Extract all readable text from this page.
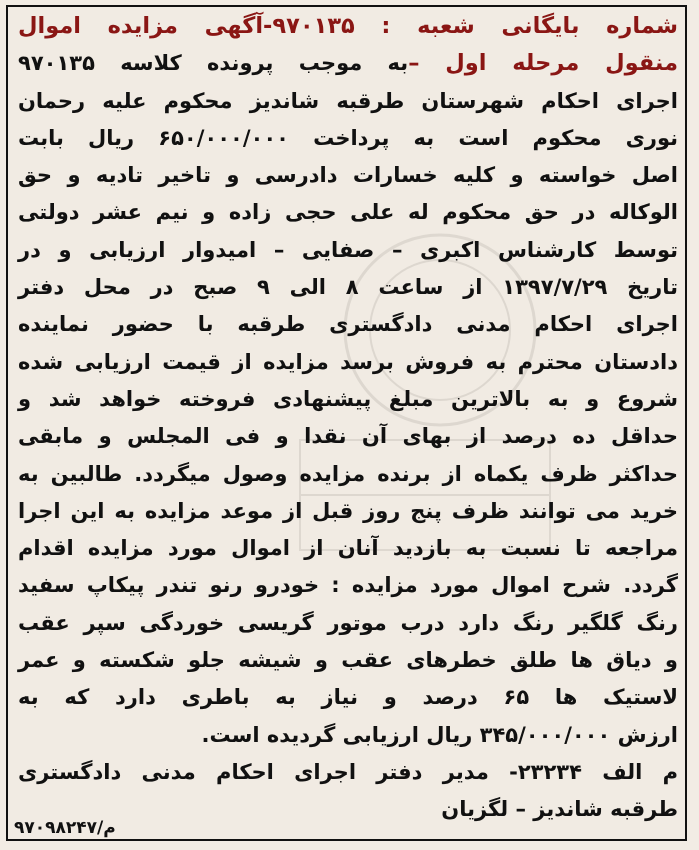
شماره بایگانی شعبه : ۹۷۰۱۳۵-آگهی مزایده اموال
منقول مرحله اول –به موجب پرونده کلاسه ۹۷۰۱۳۵
اجرای احکام شهرستان طرقبه شاندیز محکوم علیه رحمان
نوری محکوم است به پرداخت ۶۵۰/۰۰۰/۰۰۰ ریال بابت
اصل خواسته و کلیه خسارات دادرسی و تاخیر تادیه و حق
الوکاله در حق محکوم له علی حجی زاده و نیم عشر دولتی
توسط کارشناس اکبری – صفایی – امیدوار ارزیابی و در
تاریخ ۱۳۹۷/۷/۲۹ از ساعت ۸ الی ۹ صبح در محل دفتر
اجرای احکام مدنی دادگستری طرقبه با حضور نماینده
دادستان محترم به فروش برسد مزایده از قیمت ارزیابی شده
شروع و به بالاترین مبلغ پیشنهادی فروخته خواهد شد و
حداقل ده درصد از بهای آن نقدا و فی المجلس و مابقی
حداکثر ظرف یکماه از برنده مزایده وصول میگردد. طالبین به
خرید می توانند ظرف پنج روز قبل از موعد مزایده به این اجرا
مراجعه تا نسبت به بازدید آنان از اموال مورد مزایده اقدام
گردد. شرح اموال مورد مزایده : خودرو رنو تندر پیکاپ سفید
رنگ گلگیر رنگ دارد درب موتور گریسی خوردگی سپر عقب
و دیاق ها طلق خطرهای عقب و شیشه جلو شکسته و عمر
لاستیک ها ۶۵ درصد و نیاز به باطری دارد که به
ارزش ۳۴۵/۰۰۰/۰۰۰ ریال ارزیابی گردیده است.
م الف ۲۳۲۳۴- مدیر دفتر اجرای احکام مدنی دادگستری
طرقبه شاندیز – لگزیان
م/۹۷۰۹۸۲۴۷
